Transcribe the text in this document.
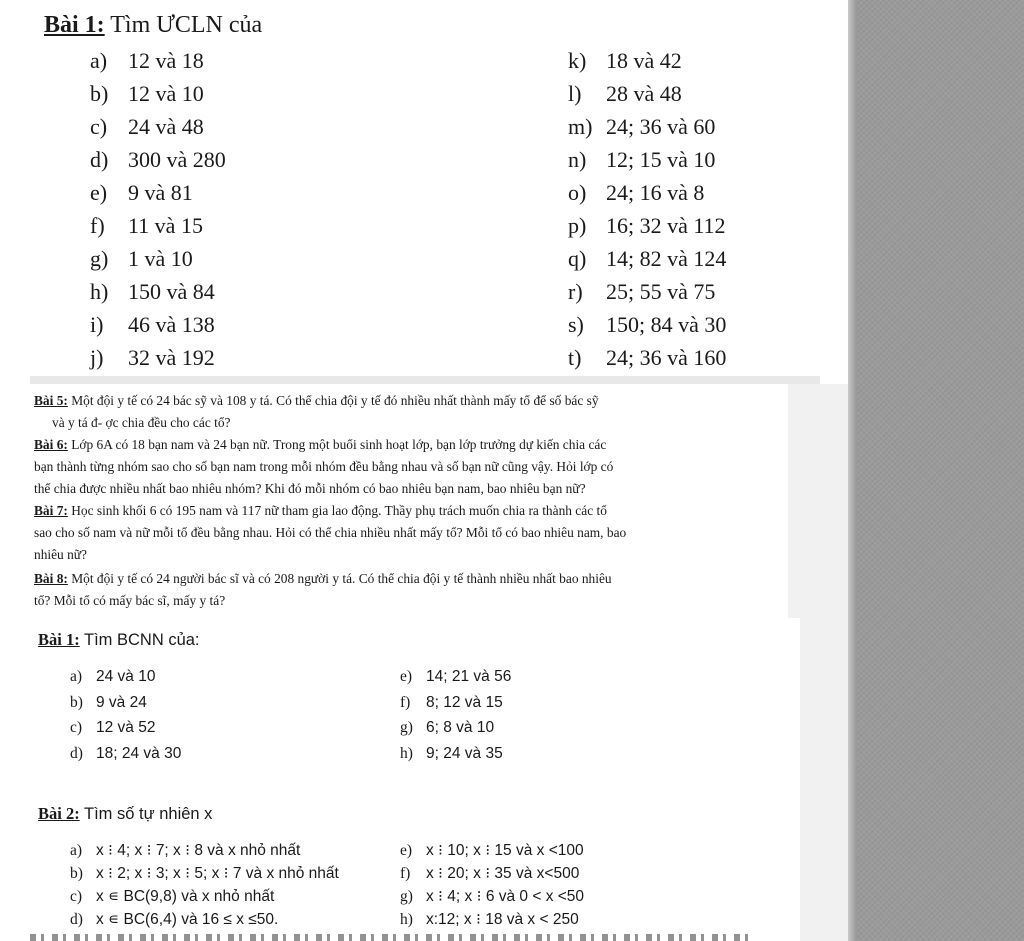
Bài 1: Tìm ƯCLN của
a) 12 và 18
b) 12 và 10
c) 24 và 48
d) 300 và 280
e) 9 và 81
f) 11 và 15
g) 1 và 10
h) 150 và 84
i) 46 và 138
j) 32 và 192
k) 18 và 42
l) 28 và 48
m) 24; 36 và 60
n) 12; 15 và 10
o) 24; 16 và 8
p) 16; 32 và 112
q) 14; 82 và 124
r) 25; 55 và 75
s) 150; 84 và 30
t) 24; 36 và 160
Bài 5: Một đội y tế có 24 bác sỹ và 108 y tá. Có thể chia đội y tế đó nhiều nhất thành mấy tổ để số bác sỹ
và y tá đ- ợc chia đều cho các tổ?
Bài 6: Lớp 6A có 18 bạn nam và 24 bạn nữ. Trong một buổi sinh hoạt lớp, bạn lớp trưởng dự kiến chia các
bạn thành từng nhóm sao cho số bạn nam trong mỗi nhóm đều bằng nhau và số bạn nữ cũng vậy. Hỏi lớp có
thể chia được nhiều nhất bao nhiêu nhóm? Khi đó mỗi nhóm có bao nhiêu bạn nam, bao nhiêu bạn nữ?
Bài 7: Học sinh khối 6 có 195 nam và 117 nữ tham gia lao động. Thầy phụ trách muốn chia ra thành các tổ
sao cho số nam và nữ mỗi tổ đều bằng nhau. Hỏi có thể chia nhiều nhất mấy tổ? Mỗi tổ có bao nhiêu nam, bao
nhiêu nữ?
Bài 8: Một đội y tế có 24 người bác sĩ và có 208 người y tá. Có thể chia đội y tế thành nhiều nhất bao nhiêu
tổ? Mỗi tổ có mấy bác sĩ, mấy y tá?
Bài 1: Tìm BCNN của:
a) 24 và 10
b) 9 và 24
c) 12 và 52
d) 18; 24 và 30
e) 14; 21 và 56
f) 8; 12 và 15
g) 6; 8 và 10
h) 9; 24 và 35
Bài 2: Tìm số tự nhiên x
a) x ⁝ 4; x ⁝ 7; x ⁝ 8 và x nhỏ nhất
b) x ⁝ 2; x ⁝ 3; x ⁝ 5; x ⁝ 7 và x nhỏ nhất
c) x ∊ BC(9,8) và x nhỏ nhất
d) x ∊ BC(6,4) và 16 ≤ x ≤50.
e) x ⁝ 10; x ⁝ 15 và x <100
f) x ⁝ 20; x ⁝ 35 và x<500
g) x ⁝ 4; x ⁝ 6 và 0 < x <50
h) x:12; x ⁝ 18 và x < 250
